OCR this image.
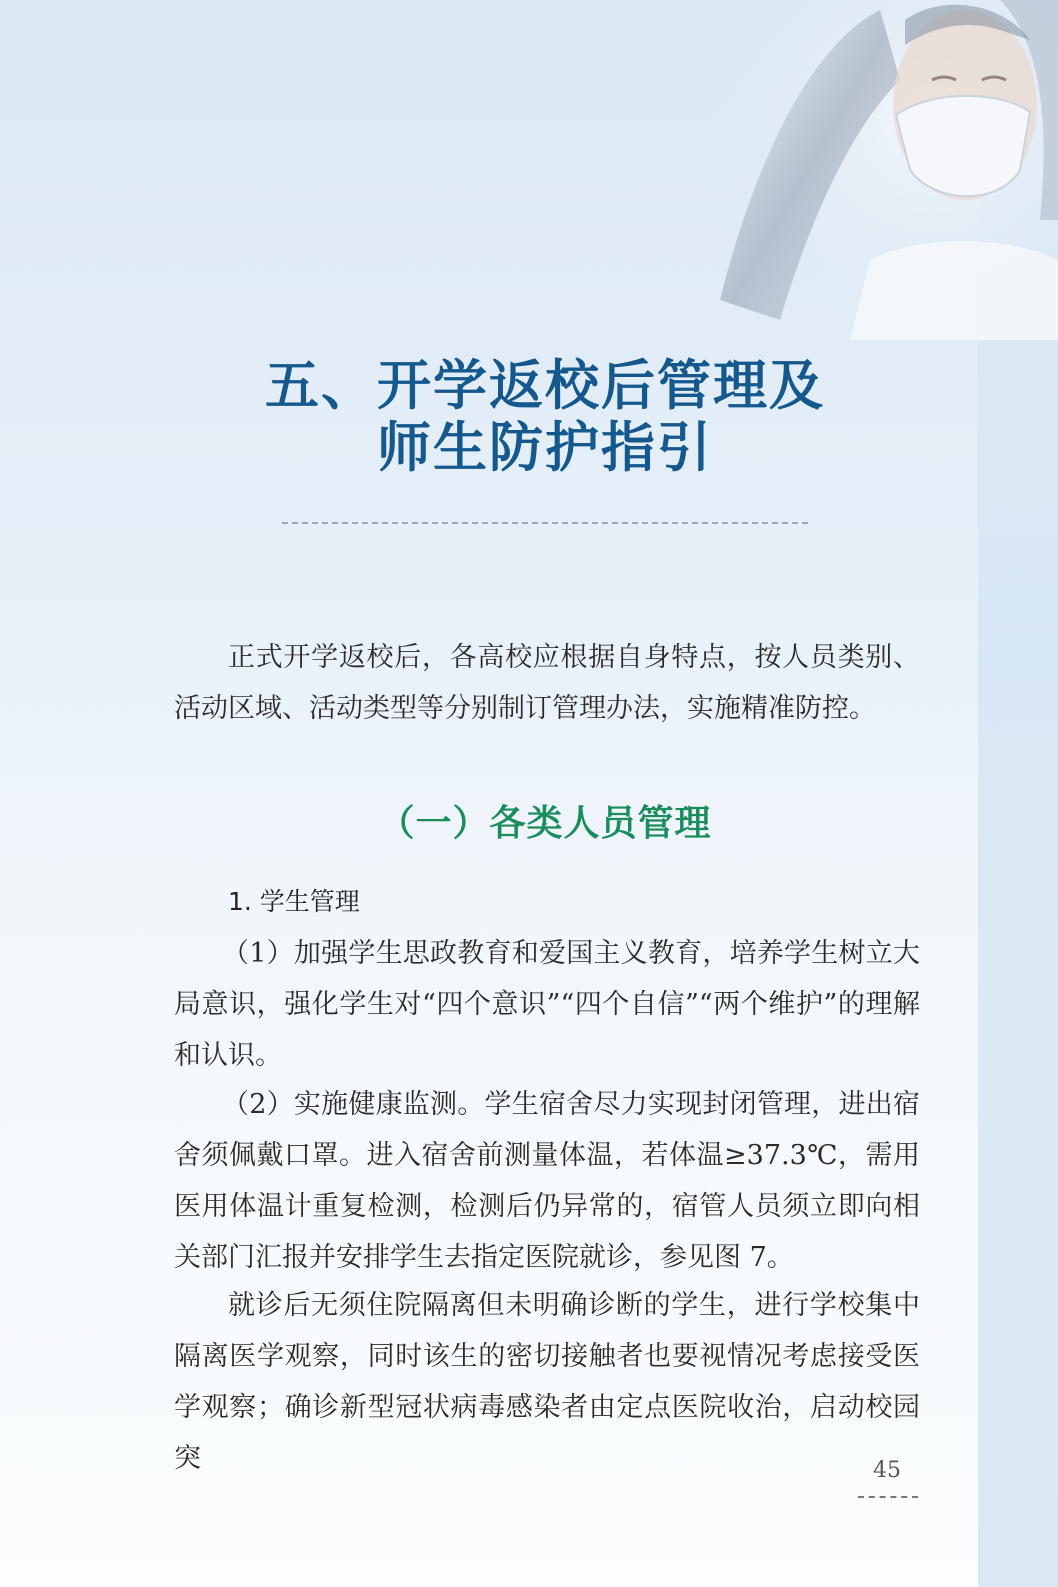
五、开学返校后管理及
师生防护指引

正式开学返校后，各高校应根据自身特点，按人员类别、活动区域、活动类型等分别制订管理办法，实施精准防控。

（一）各类人员管理
1. 学生管理

（1）加强学生思政教育和爱国主义教育，培养学生树立大局意识，强化学生对“四个意识”“四个自信”“两个维护”的理解和认识。

（2）实施健康监测。学生宿舍尽力实现封闭管理，进出宿舍须佩戴口罩。进入宿舍前测量体温，若体温≥37.3℃，需用医用体温计重复检测，检测后仍异常的，宿管人员须立即向相关部门汇报并安排学生去指定医院就诊，参见图 7。

就诊后无须住院隔离但未明确诊断的学生，进行学校集中隔离医学观察，同时该生的密切接触者也要视情况考虑接受医学观察；确诊新型冠状病毒感染者由定点医院收治，启动校园突	45
